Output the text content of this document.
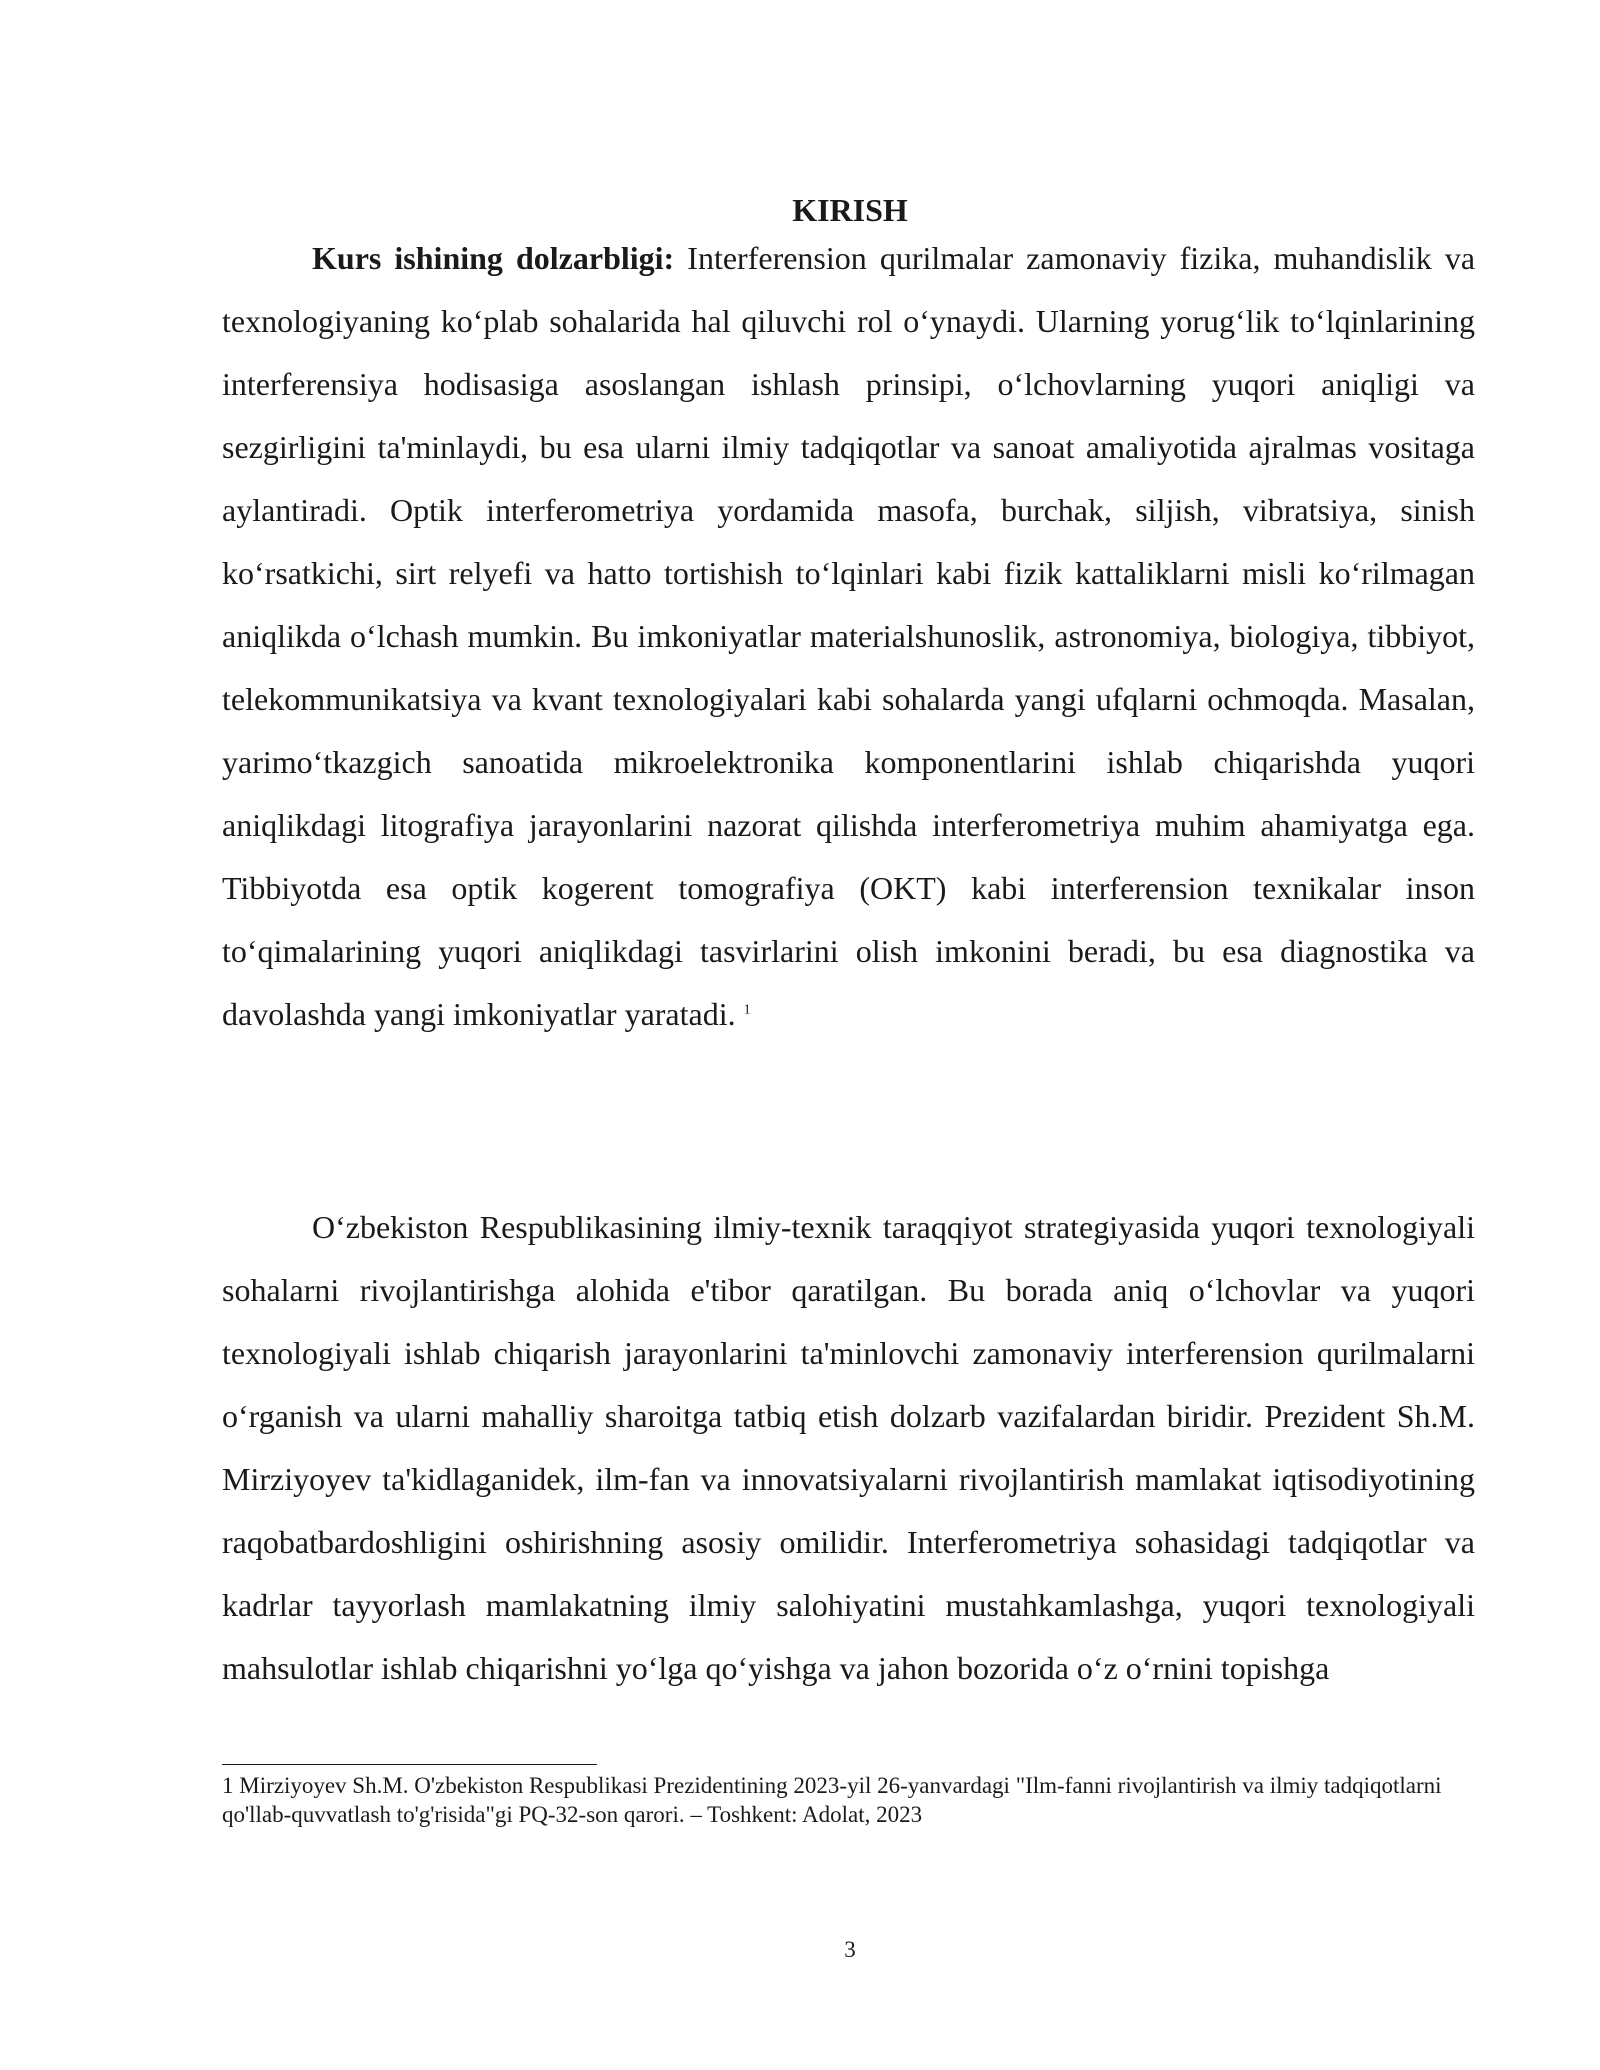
KIRISH

Kurs ishining dolzarbligi: Interferension qurilmalar zamonaviy fizika, muhandislik va texnologiyaning ko‘plab sohalarida hal qiluvchi rol o‘ynaydi. Ularning yorug‘lik to‘lqinlarining interferensiya hodisasiga asoslangan ishlash prinsipi, o‘lchovlarning yuqori aniqligi va sezgirligini ta'minlaydi, bu esa ularni ilmiy tadqiqotlar va sanoat amaliyotida ajralmas vositaga aylantiradi. Optik interferometriya yordamida masofa, burchak, siljish, vibratsiya, sinish ko‘rsatkichi, sirt relyefi va hatto tortishish to‘lqinlari kabi fizik kattaliklarni misli ko‘rilmagan aniqlikda o‘lchash mumkin. Bu imkoniyatlar materialshunoslik, astronomiya, biologiya, tibbiyot, telekommunikatsiya va kvant texnologiyalari kabi sohalarda yangi ufqlarni ochmoqda. Masalan, yarimo‘tkazgich sanoatida mikroelektronika komponentlarini ishlab chiqarishda yuqori aniqlikdagi litografiya jarayonlarini nazorat qilishda interferometriya muhim ahamiyatga ega. Tibbiyotda esa optik kogerent tomografiya (OKT) kabi interferension texnikalar inson to‘qimalarining yuqori aniqlikdagi tasvirlarini olish imkonini beradi, bu esa diagnostika va davolashda yangi imkoniyatlar yaratadi. $^1$

O‘zbekiston Respublikasining ilmiy-texnik taraqqiyot strategiyasida yuqori texnologiyali sohalarni rivojlantirishga alohida e'tibor qaratilgan. Bu borada aniq o‘lchovlar va yuqori texnologiyali ishlab chiqarish jarayonlarini ta'minlovchi zamonaviy interferension qurilmalarni o‘rganish va ularni mahalliy sharoitga tatbiq etish dolzarb vazifalardan biridir. Prezident Sh.M. Mirziyoyev ta'kidlaganidek, ilm-fan va innovatsiyalarni rivojlantirish mamlakat iqtisodiyotining raqobatbardoshligini oshirishning asosiy omilidir. Interferometriya sohasidagi tadqiqotlar va kadrlar tayyorlash mamlakatning ilmiy salohiyatini mustahkamlashga, yuqori texnologiyali mahsulotlar ishlab chiqarishni yo‘lga qo‘yishga va jahon bozorida o‘z o‘rnini topishga

1 Mirziyoyev Sh.M. O'zbekiston Respublikasi Prezidentining 2023-yil 26-yanvardagi "Ilm-fanni rivojlantirish va ilmiy tadqiqotlarni qo'llab-quvvatlash to'g'risida"gi PQ-32-son qarori. – Toshkent: Adolat, 2023

3
